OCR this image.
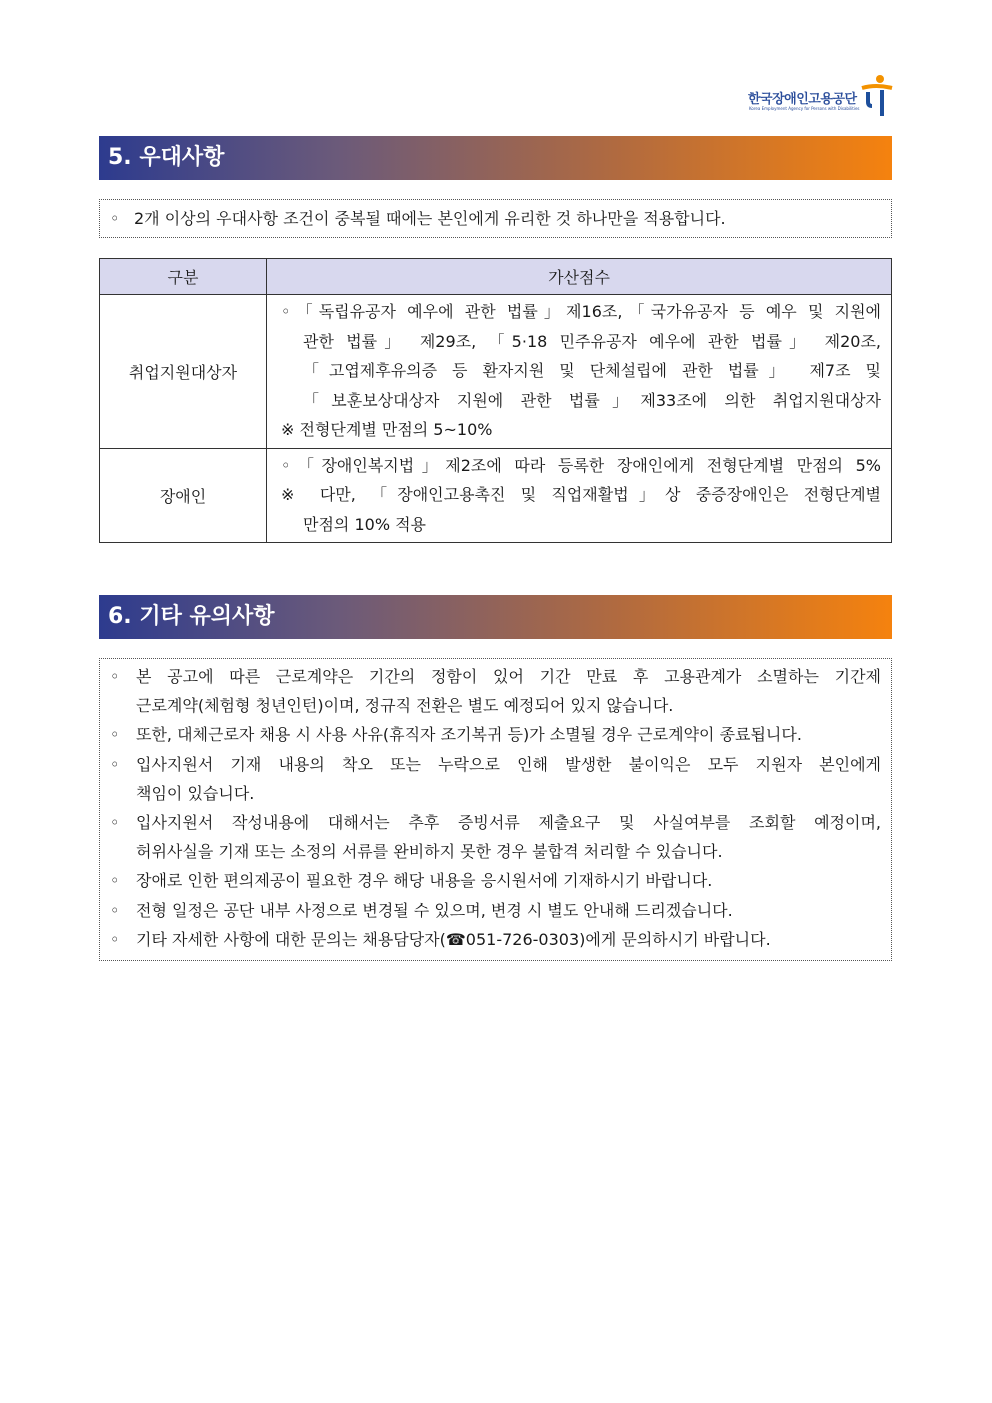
한국장애인고용공단
Korea Employment Agency for Persons with Disabilities
5. 우대사항
◦ 2개 이상의 우대사항 조건이 중복될 때에는 본인에게 유리한 것 하나만을 적용합니다.
구분	가산점수
취업지원대상자	◦「독립유공자 예우에 관한 법률」제16조,「국가유공자 등 예우 및 지원에

관한 법률」 제29조, 「5·18 민주유공자 예우에 관한 법률」 제20조,

「고엽제후유의증 등 환자지원 및 단체설립에 관한 법률」 제7조 및

「보훈보상대상자 지원에 관한 법률」제33조에 의한 취업지원대상자

※ 전형단계별 만점의 5~10%

장애인	◦「장애인복지법」제2조에 따라 등록한 장애인에게 전형단계별 만점의 5%

※ 다만, 「장애인고용촉진 및 직업재활법」상 중증장애인은 전형단계별

만점의 10% 적용

6. 기타 유의사항
◦ 본 공고에 따른 근로계약은 기간의 정함이 있어 기간 만료 후 고용관계가 소멸하는 기간제

근로계약(체험형 청년인턴)이며, 정규직 전환은 별도 예정되어 있지 않습니다.

◦ 또한, 대체근로자 채용 시 사용 사유(휴직자 조기복귀 등)가 소멸될 경우 근로계약이 종료됩니다.

◦ 입사지원서 기재 내용의 착오 또는 누락으로 인해 발생한 불이익은 모두 지원자 본인에게

책임이 있습니다.

◦ 입사지원서 작성내용에 대해서는 추후 증빙서류 제출요구 및 사실여부를 조회할 예정이며,

허위사실을 기재 또는 소정의 서류를 완비하지 못한 경우 불합격 처리할 수 있습니다.

◦ 장애로 인한 편의제공이 필요한 경우 해당 내용을 응시원서에 기재하시기 바랍니다.

◦ 전형 일정은 공단 내부 사정으로 변경될 수 있으며, 변경 시 별도 안내해 드리겠습니다.

◦ 기타 자세한 사항에 대한 문의는 채용담당자(☎051-726-0303)에게 문의하시기 바랍니다.
